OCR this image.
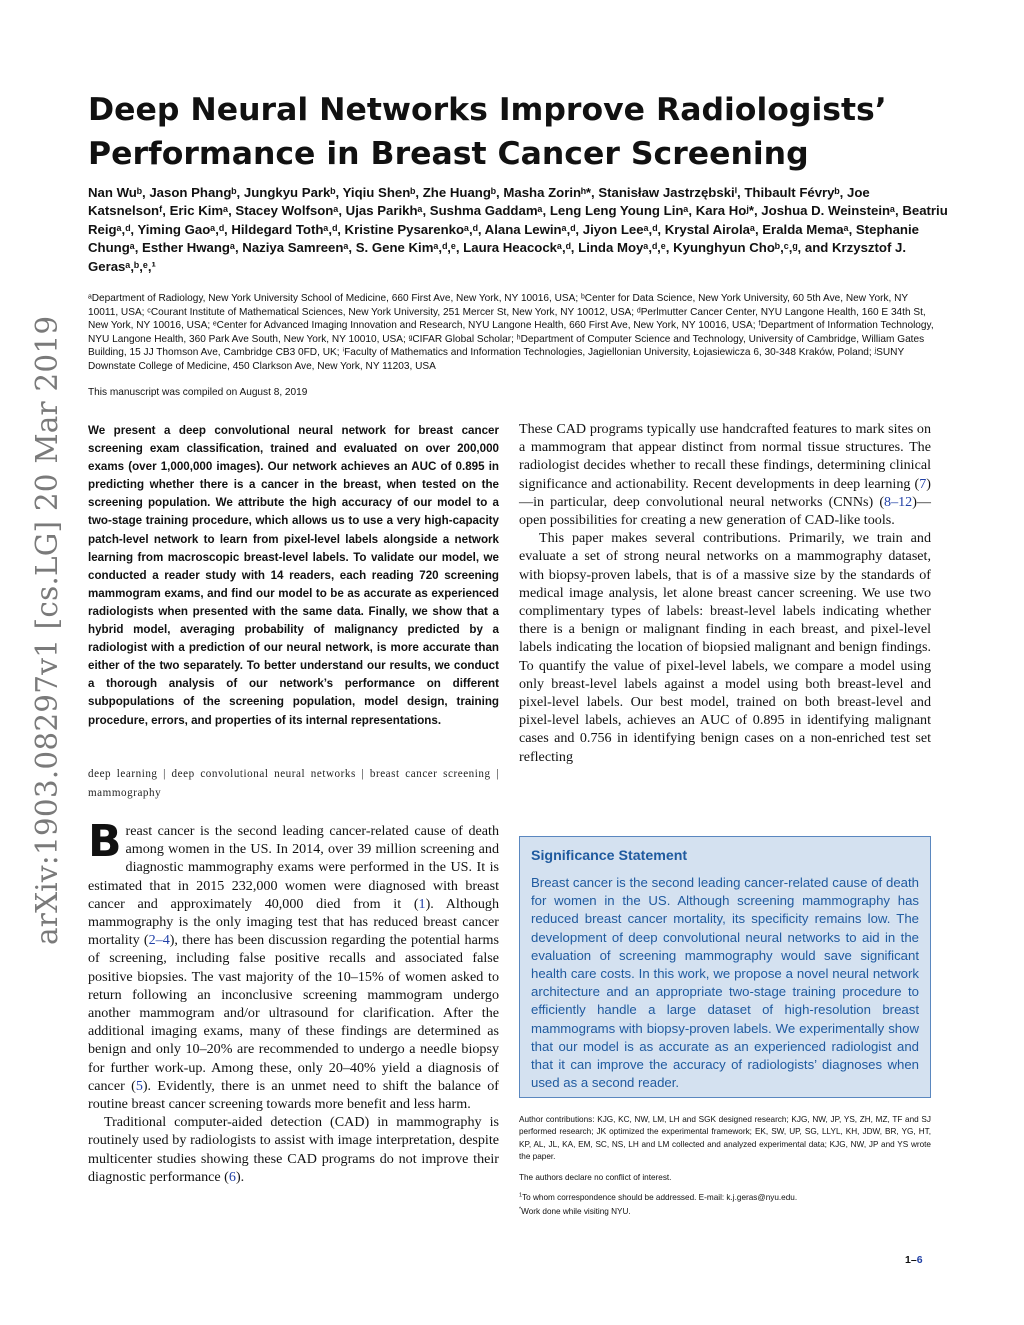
arXiv:1903.08297v1 [cs.LG] 20 Mar 2019
Deep Neural Networks Improve Radiologists’ Performance in Breast Cancer Screening
Nan Wuᵇ, Jason Phangᵇ, Jungkyu Parkᵇ, Yiqiu Shenᵇ, Zhe Huangᵇ, Masha Zorinʰ*, Stanisław Jastrzębskiⁱ, Thibault Févryᵇ, Joe Katsnelsonᶠ, Eric Kimᵃ, Stacey Wolfsonᵃ, Ujas Parikhᵃ, Sushma Gaddamᵃ, Leng Leng Young Linᵃ, Kara Hoʲ*, Joshua D. Weinsteinᵃ, Beatriu Reigᵃ,ᵈ, Yiming Gaoᵃ,ᵈ, Hildegard Tothᵃ,ᵈ, Kristine Pysarenkoᵃ,ᵈ, Alana Lewinᵃ,ᵈ, Jiyon Leeᵃ,ᵈ, Krystal Airolaᵃ, Eralda Memaᵃ, Stephanie Chungᵃ, Esther Hwangᵃ, Naziya Samreenᵃ, S. Gene Kimᵃ,ᵈ,ᵉ, Laura Heacockᵃ,ᵈ, Linda Moyᵃ,ᵈ,ᵉ, Kyunghyun Choᵇ,ᶜ,ᵍ, and Krzysztof J. Gerasᵃ,ᵇ,ᵉ,¹
ᵃDepartment of Radiology, New York University School of Medicine, 660 First Ave, New York, NY 10016, USA; ᵇCenter for Data Science, New York University, 60 5th Ave, New York, NY 10011, USA; ᶜCourant Institute of Mathematical Sciences, New York University, 251 Mercer St, New York, NY 10012, USA; ᵈPerlmutter Cancer Center, NYU Langone Health, 160 E 34th St, New York, NY 10016, USA; ᵉCenter for Advanced Imaging Innovation and Research, NYU Langone Health, 660 First Ave, New York, NY 10016, USA; ᶠDepartment of Information Technology, NYU Langone Health, 360 Park Ave South, New York, NY 10010, USA; ᵍCIFAR Global Scholar; ʰDepartment of Computer Science and Technology, University of Cambridge, William Gates Building, 15 JJ Thomson Ave, Cambridge CB3 0FD, UK; ⁱFaculty of Mathematics and Information Technologies, Jagiellonian University, Łojasiewicza 6, 30-348 Kraków, Poland; ʲSUNY Downstate College of Medicine, 450 Clarkson Ave, New York, NY 11203, USA
This manuscript was compiled on August 8, 2019
We present a deep convolutional neural network for breast cancer screening exam classification, trained and evaluated on over 200,000 exams (over 1,000,000 images). Our network achieves an AUC of 0.895 in predicting whether there is a cancer in the breast, when tested on the screening population. We attribute the high accuracy of our model to a two-stage training procedure, which allows us to use a very high-capacity patch-level network to learn from pixel-level labels alongside a network learning from macroscopic breast-level labels. To validate our model, we conducted a reader study with 14 readers, each reading 720 screening mammogram exams, and find our model to be as accurate as experienced radiologists when presented with the same data. Finally, we show that a hybrid model, averaging probability of malignancy predicted by a radiologist with a prediction of our neural network, is more accurate than either of the two separately. To better understand our results, we conduct a thorough analysis of our network’s performance on different subpopulations of the screening population, model design, training procedure, errors, and properties of its internal representations.
deep learning | deep convolutional neural networks | breast cancer screening | mammography

Breast cancer is the second leading cancer-related cause of death among women in the US. In 2014, over 39 million screening and diagnostic mammography exams were performed in the US. It is estimated that in 2015 232,000 women were diagnosed with breast cancer and approximately 40,000 died from it (1). Although mammography is the only imaging test that has reduced breast cancer mortality (2–4), there has been discussion regarding the potential harms of screening, including false positive recalls and associated false positive biopsies. The vast majority of the 10–15% of women asked to return following an inconclusive screening mammogram undergo another mammogram and/or ultrasound for clarification. After the additional imaging exams, many of these findings are determined as benign and only 10–20% are recommended to undergo a needle biopsy for further work-up. Among these, only 20–40% yield a diagnosis of cancer (5). Evidently, there is an unmet need to shift the balance of routine breast cancer screening towards more benefit and less harm.

Traditional computer-aided detection (CAD) in mammography is routinely used by radiologists to assist with image interpretation, despite multicenter studies showing these CAD programs do not improve their diagnostic performance (6).

These CAD programs typically use handcrafted features to mark sites on a mammogram that appear distinct from normal tissue structures. The radiologist decides whether to recall these findings, determining clinical significance and actionability. Recent developments in deep learning (7)—in particular, deep convolutional neural networks (CNNs) (8–12)—open possibilities for creating a new generation of CAD-like tools.

This paper makes several contributions. Primarily, we train and evaluate a set of strong neural networks on a mammography dataset, with biopsy-proven labels, that is of a massive size by the standards of medical image analysis, let alone breast cancer screening. We use two complimentary types of labels: breast-level labels indicating whether there is a benign or malignant finding in each breast, and pixel-level labels indicating the location of biopsied malignant and benign findings. To quantify the value of pixel-level labels, we compare a model using only breast-level labels against a model using both breast-level and pixel-level labels. Our best model, trained on both breast-level and pixel-level labels, achieves an AUC of 0.895 in identifying malignant cases and 0.756 in identifying benign cases on a non-enriched test set reflecting

Significance Statement
Breast cancer is the second leading cancer-related cause of death for women in the US. Although screening mammography has reduced breast cancer mortality, its specificity remains low. The development of deep convolutional neural networks to aid in the evaluation of screening mammography would save significant health care costs. In this work, we propose a novel neural network architecture and an appropriate two-stage training procedure to efficiently handle a large dataset of high-resolution breast mammograms with biopsy-proven labels. We experimentally show that our model is as accurate as an experienced radiologist and that it can improve the accuracy of radiologists’ diagnoses when used as a second reader.

Author contributions: KJG, KC, NW, LM, LH and SGK designed research; KJG, NW, JP, YS, ZH, MZ, TF and SJ performed research; JK optimized the experimental framework; EK, SW, UP, SG, LLYL, KH, JDW, BR, YG, HT, KP, AL, JL, KA, EM, SC, NS, LH and LM collected and analyzed experimental data; KJG, NW, JP and YS wrote the paper.

The authors declare no conflict of interest.

$^1$To whom correspondence should be addressed. E-mail: k.j.geras@nyu.edu.

*Work done while visiting NYU.

1–6
